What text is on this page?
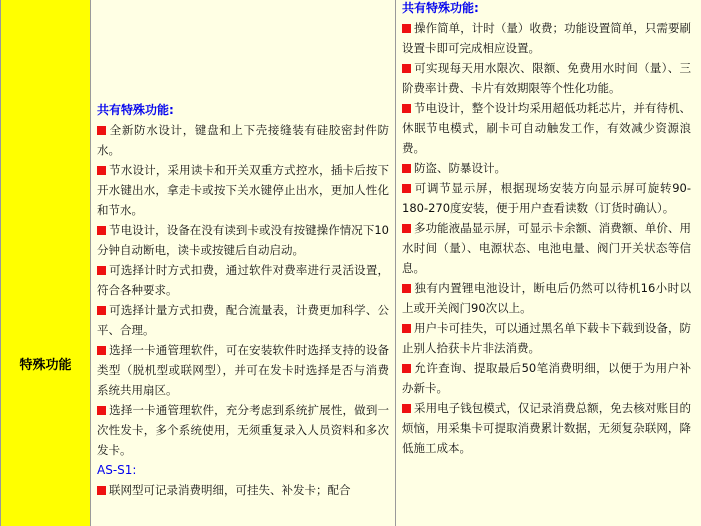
特殊功能
共有特殊功能:
全新防水设计，键盘和上下壳接缝装有硅胶密封件防水。
节水设计，采用读卡和开关双重方式控水，插卡后按下开水键出水，拿走卡或按下关水键停止出水，更加人性化和节水。
节电设计，设备在没有读到卡或没有按键操作情况下10分钟自动断电，读卡或按键后自动启动。
可选择计时方式扣费，通过软件对费率进行灵活设置，符合各种要求。
可选择计量方式扣费，配合流量表，计费更加科学、公平、合理。
选择一卡通管理软件，可在安装软件时选择支持的设备类型（脱机型或联网型），并可在发卡时选择是否与消费系统共用扇区。
选择一卡通管理软件，充分考虑到系统扩展性，做到一次性发卡，多个系统使用，无须重复录入人员资料和多次发卡。
AS-S1:
联网型可记录消费明细，可挂失、补发卡；配合
共有特殊功能:
操作简单，计时（量）收费；功能设置简单，只需要刷设置卡即可完成相应设置。
可实现每天用水限次、限额、免费用水时间（量）、三阶费率计费、卡片有效期限等个性化功能。
节电设计，整个设计均采用超低功耗芯片，并有待机、休眠节电模式，刷卡可自动触发工作，有效减少资源浪费。
防盗、防暴设计。
可调节显示屏，根据现场安装方向显示屏可旋转90-180-270度安装，便于用户查看读数（订货时确认）。
多功能液晶显示屏，可显示卡余额、消费额、单价、用水时间（量）、电源状态、电池电量、阀门开关状态等信息。
独有内置锂电池设计，断电后仍然可以待机16小时以上或开关阀门90次以上。
用户卡可挂失，可以通过黑名单下载卡下载到设备，防止别人拾获卡片非法消费。
允许查询、提取最后50笔消费明细，以便于为用户补办新卡。
采用电子钱包模式，仅记录消费总额，免去核对账目的烦恼，用采集卡可提取消费累计数据，无须复杂联网，降低施工成本。
